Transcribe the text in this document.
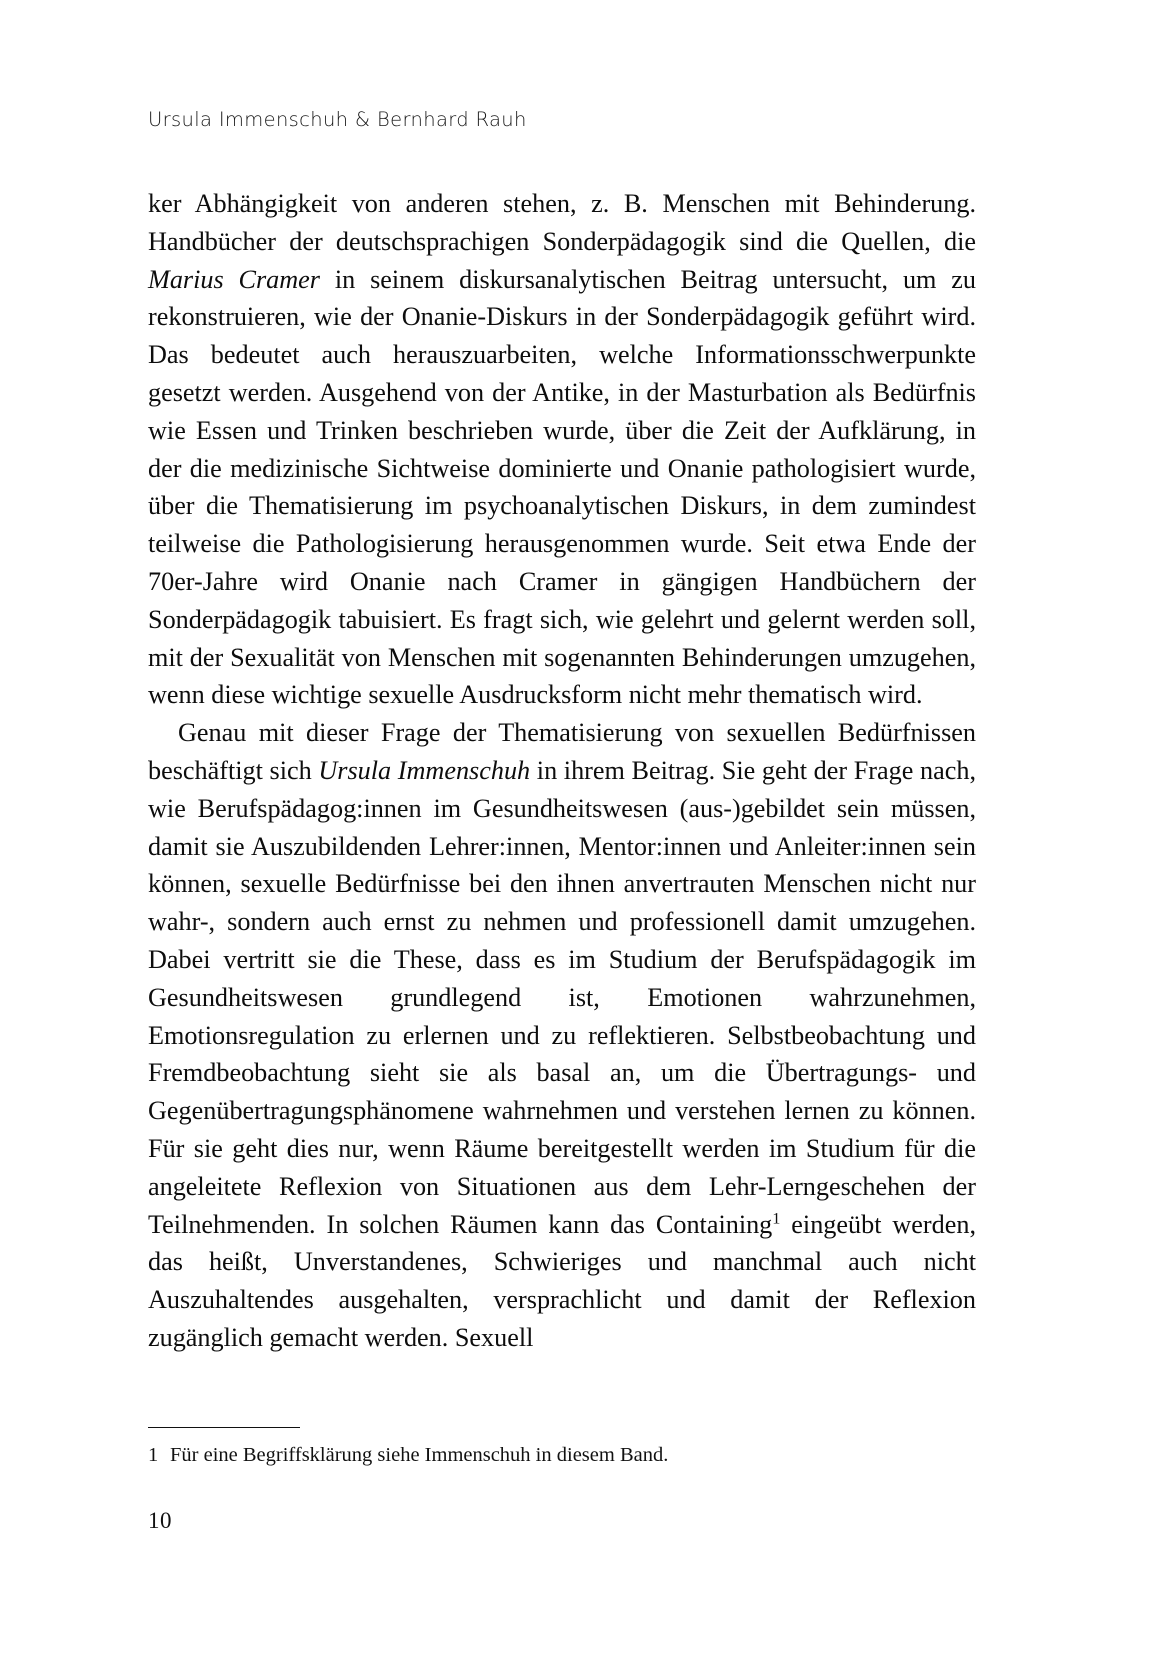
Ursula Immenschuh & Bernhard Rauh

ker Abhängigkeit von anderen stehen, z. B. Menschen mit Behinderung. Handbücher der deutschsprachigen Sonderpädagogik sind die Quellen, die Marius Cramer in seinem diskursanalytischen Beitrag untersucht, um zu rekonstruieren, wie der Onanie-Diskurs in der Sonderpädagogik geführt wird. Das bedeutet auch herauszuarbeiten, welche Informationsschwerpunkte gesetzt werden. Ausgehend von der Antike, in der Masturbation als Bedürfnis wie Essen und Trinken beschrieben wurde, über die Zeit der Aufklärung, in der die medizinische Sichtweise dominierte und Onanie pathologisiert wurde, über die Thematisierung im psychoanalytischen Diskurs, in dem zumindest teilweise die Pathologisierung herausgenommen wurde. Seit etwa Ende der 70er-Jahre wird Onanie nach Cramer in gängigen Handbüchern der Sonderpädagogik tabuisiert. Es fragt sich, wie gelehrt und gelernt werden soll, mit der Sexualität von Menschen mit sogenannten Behinderungen umzugehen, wenn diese wichtige sexuelle Ausdrucksform nicht mehr thematisch wird.

Genau mit dieser Frage der Thematisierung von sexuellen Bedürfnissen beschäftigt sich Ursula Immenschuh in ihrem Beitrag. Sie geht der Frage nach, wie Berufspädagog:innen im Gesundheitswesen (aus-)gebildet sein müssen, damit sie Auszubildenden Lehrer:innen, Mentor:innen und Anleiter:innen sein können, sexuelle Bedürfnisse bei den ihnen anvertrauten Menschen nicht nur wahr-, sondern auch ernst zu nehmen und professionell damit umzugehen. Dabei vertritt sie die These, dass es im Studium der Berufspädagogik im Gesundheitswesen grundlegend ist, Emotionen wahrzunehmen, Emotionsregulation zu erlernen und zu reflektieren. Selbstbeobachtung und Fremdbeobachtung sieht sie als basal an, um die Übertragungs- und Gegenübertragungsphänomene wahrnehmen und verstehen lernen zu können. Für sie geht dies nur, wenn Räume bereitgestellt werden im Studium für die angeleitete Reflexion von Situationen aus dem Lehr-Lerngeschehen der Teilnehmenden. In solchen Räumen kann das Containing$^1$ eingeübt werden, das heißt, Unverstandenes, Schwieriges und manchmal auch nicht Auszuhaltendes ausgehalten, versprachlicht und damit der Reflexion zugänglich gemacht werden. Sexuell

1 Für eine Begriffsklärung siehe Immenschuh in diesem Band.
10
